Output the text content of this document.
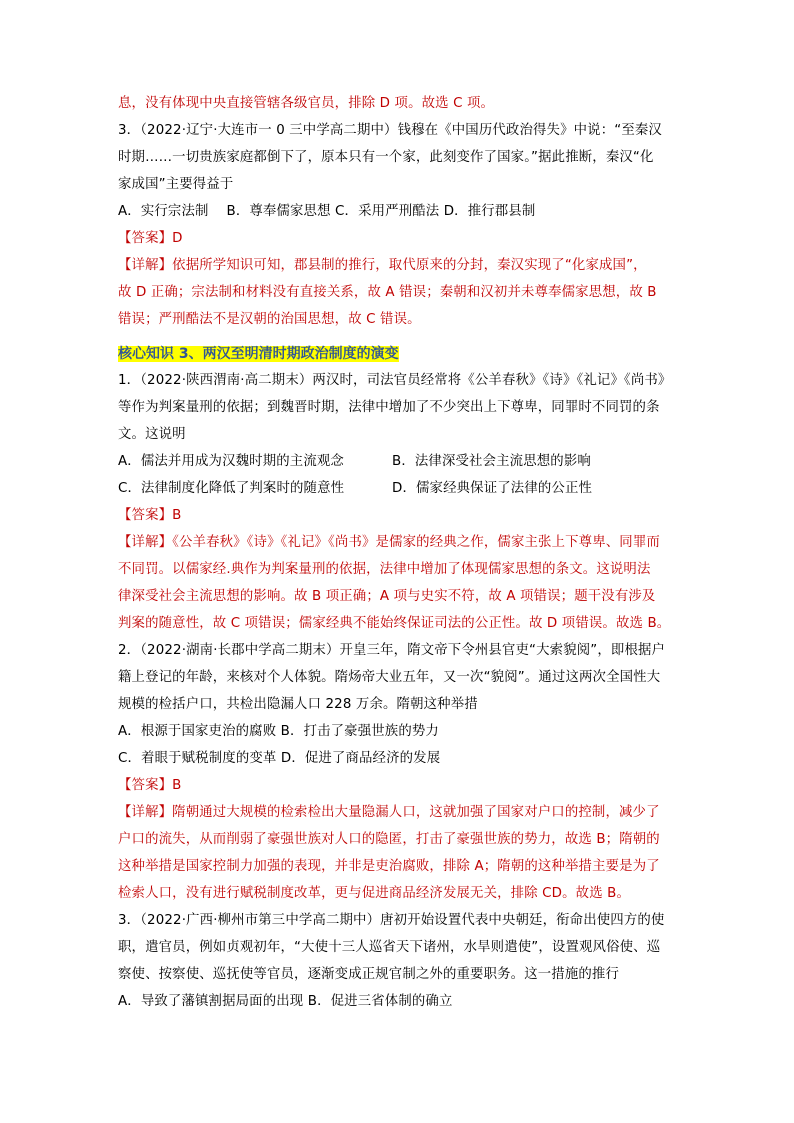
息，没有体现中央直接管辖各级官员，排除 D 项。故选 C 项。
3．（2022·辽宁·大连市一 0 三中学高二期中）钱穆在《中国历代政治得失》中说：“至秦汉
时期……一切贵族家庭都倒下了，原本只有一个家，此刻变作了国家。”据此推断，秦汉“化
家成国”主要得益于
A．实行宗法制　 B．尊奉儒家思想 C．采用严刑酷法 D．推行郡县制
【答案】D
【详解】依据所学知识可知，郡县制的推行，取代原来的分封，秦汉实现了“化家成国”，
故 D 正确；宗法制和材料没有直接关系，故 A 错误；秦朝和汉初并未尊奉儒家思想，故 B
错误；严刑酷法不是汉朝的治国思想，故 C 错误。
核心知识 3、两汉至明清时期政治制度的演变
1．（2022·陕西渭南·高二期末）两汉时，司法官员经常将《公羊春秋》《诗》《礼记》《尚书》
等作为判案量刑的依据；到魏晋时期，法律中增加了不少突出上下尊卑，同罪时不同罚的条
文。这说明
A．儒法并用成为汉魏时期的主流观念	B．法律深受社会主流思想的影响
C．法律制度化降低了判案时的随意性	D．儒家经典保证了法律的公正性
【答案】B
【详解】《公羊春秋》《诗》《礼记》《尚书》是儒家的经典之作，儒家主张上下尊卑、同罪而
不同罚。以儒家经.典作为判案量刑的依据，法律中增加了体现儒家思想的条文。这说明法
律深受社会主流思想的影响。故 B 项正确；A 项与史实不符，故 A 项错误；题干没有涉及
判案的随意性，故 C 项错误；儒家经典不能始终保证司法的公正性。故 D 项错误。故选 B。
2．（2022·湖南·长郡中学高二期末）开皇三年，隋文帝下令州县官吏“大索貌阅”，即根据户
籍上登记的年龄，来核对个人体貌。隋炀帝大业五年，又一次“貌阅”。通过这两次全国性大
规模的检括户口，共检出隐漏人口 228 万余。隋朝这种举措
A．根源于国家吏治的腐败 B．打击了豪强世族的势力
C．着眼于赋税制度的变革 D．促进了商品经济的发展
【答案】B
【详解】隋朝通过大规模的检索检出大量隐漏人口，这就加强了国家对户口的控制，减少了
户口的流失，从而削弱了豪强世族对人口的隐匿，打击了豪强世族的势力，故选 B；隋朝的
这种举措是国家控制力加强的表现，并非是吏治腐败，排除 A；隋朝的这种举措主要是为了
检索人口，没有进行赋税制度改革，更与促进商品经济发展无关，排除 CD。故选 B。
3．（2022·广西·柳州市第三中学高二期中）唐初开始设置代表中央朝廷，衔命出使四方的使
职，遣官员，例如贞观初年，“大使十三人巡省天下诸州，水旱则遣使”，设置观风俗使、巡
察使、按察使、巡抚使等官员，逐渐变成正规官制之外的重要职务。这一措施的推行
A．导致了藩镇割据局面的出现 B．促进三省体制的确立
